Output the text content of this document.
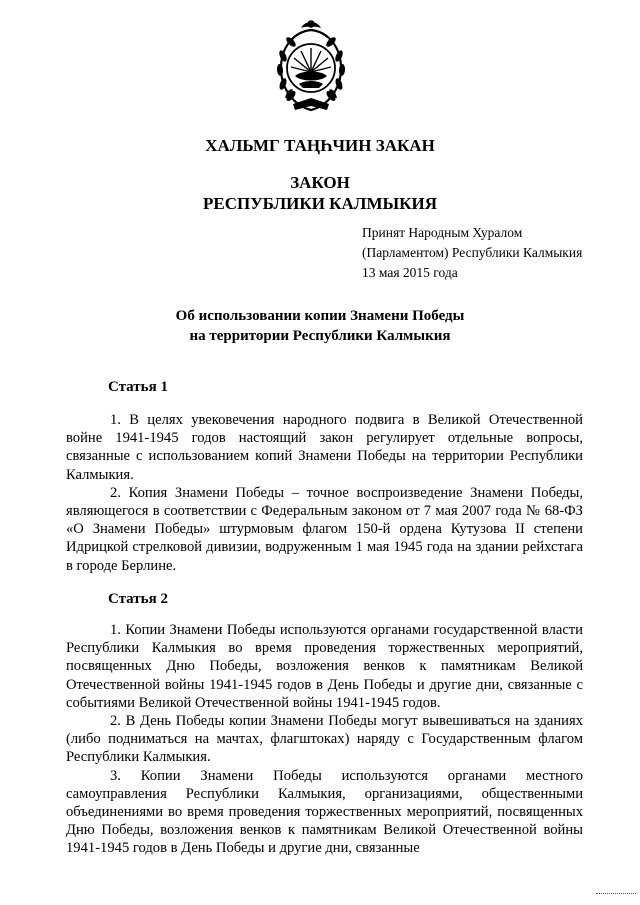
ХАЛЬМГ ТАҢҺЧИН ЗАКАН
ЗАКОН
РЕСПУБЛИКИ КАЛМЫКИЯ
Принят Народным Хуралом
(Парламентом) Республики Калмыкия
13 мая 2015 года
Об использовании копии Знамени Победы
на территории Республики Калмыкия
Статья 1

1. В целях увековечения народного подвига в Великой Отечественной войне 1941-1945 годов настоящий закон регулирует отдельные вопросы, связанные с использованием копий Знамени Победы на территории Республики Калмыкия.

2. Копия Знамени Победы – точное воспроизведение Знамени Победы, являющегося в соответствии с Федеральным законом от 7 мая 2007 года № 68-ФЗ «О Знамени Победы» штурмовым флагом 150-й ордена Кутузова II степени Идрицкой стрелковой дивизии, водруженным 1 мая 1945 года на здании рейхстага в городе Берлине.

Статья 2

1. Копии Знамени Победы используются органами государственной власти Республики Калмыкия во время проведения торжественных мероприятий, посвященных Дню Победы, возложения венков к памятникам Великой Отечественной войны 1941-1945 годов в День Победы и другие дни, связанные с событиями Великой Отечественной войны 1941-1945 годов.

2. В День Победы копии Знамени Победы могут вывешиваться на зданиях (либо подниматься на мачтах, флагштоках) наряду с Государственным флагом Республики Калмыкия.

3. Копии Знамени Победы используются органами местного самоуправления Республики Калмыкия, организациями, общественными объединениями во время проведения торжественных мероприятий, посвященных Дню Победы, возложения венков к памятникам Великой Отечественной войны 1941-1945 годов в День Победы и другие дни, связанные
